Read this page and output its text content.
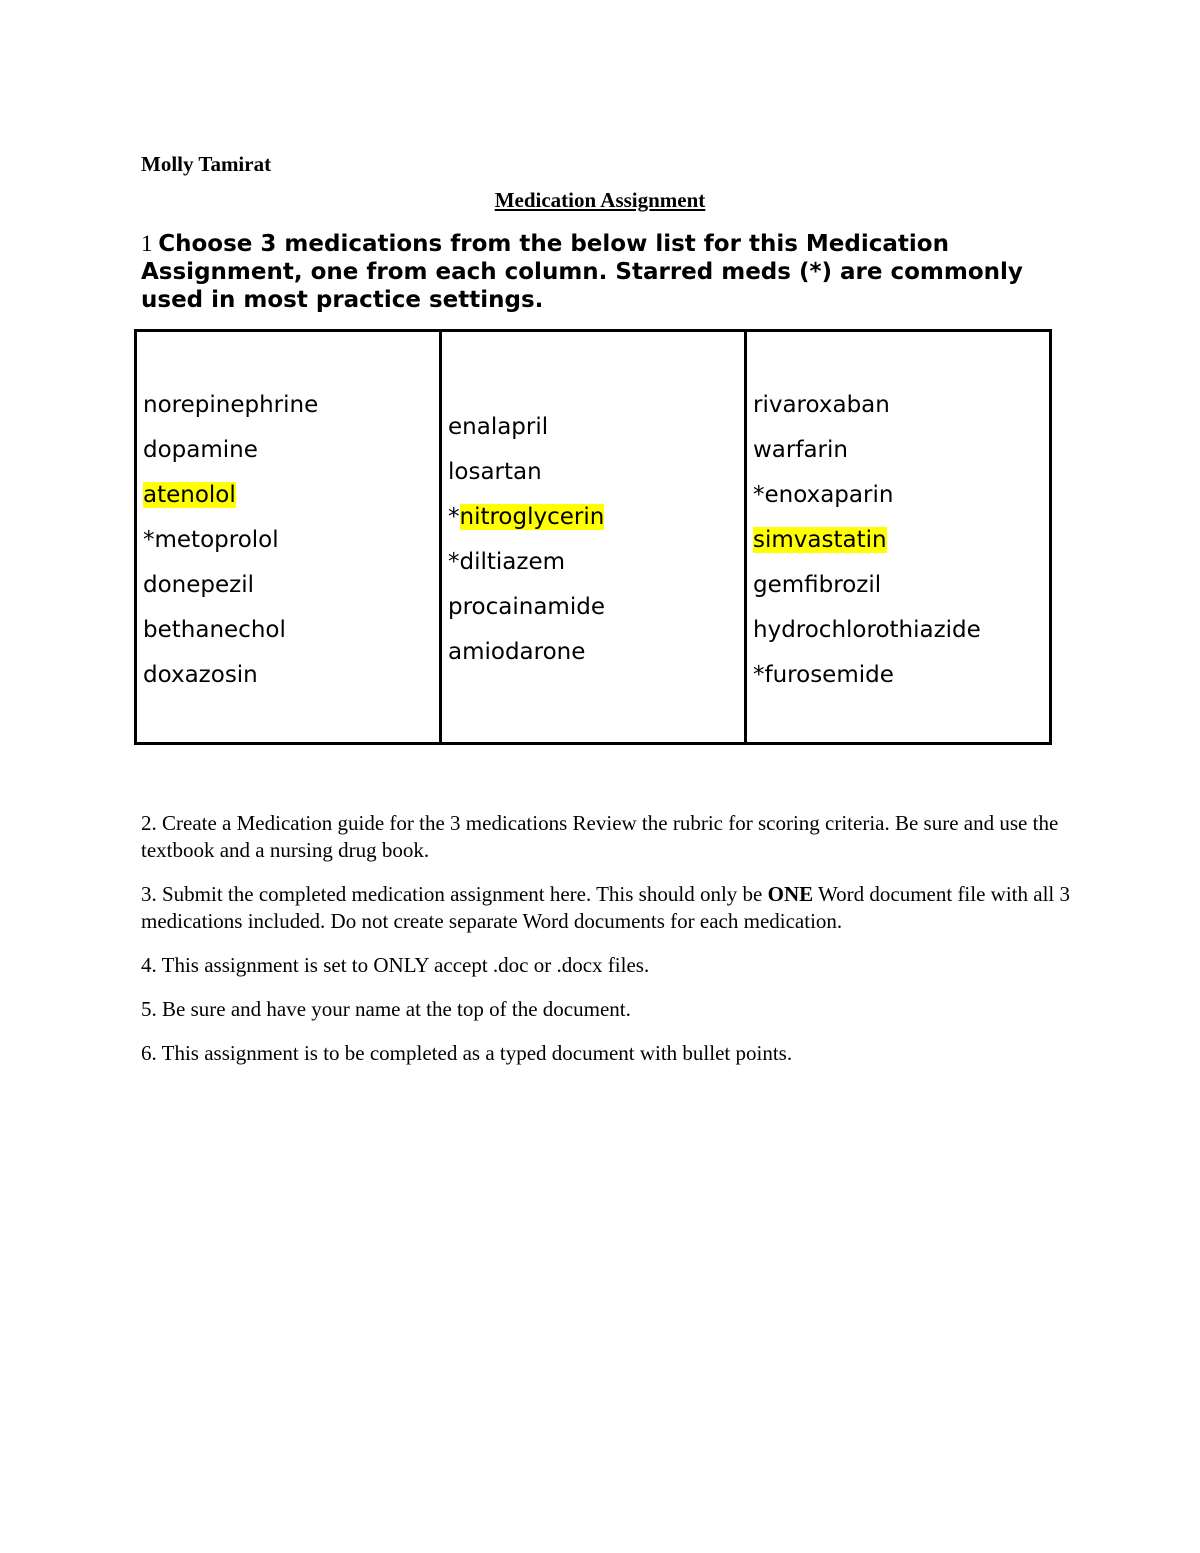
Molly Tamirat
Medication Assignment
1 Choose 3 medications from the below list for this Medication Assignment, one from each column. Starred meds (*) are commonly used in most practice settings.
norepinephrine
dopamine
atenolol
*metoprolol
donepezil
bethanechol
doxazosin
enalapril
losartan
*nitroglycerin
*diltiazem
procainamide
amiodarone
rivaroxaban
warfarin
*enoxaparin
simvastatin
gemfibrozil
hydrochlorothiazide
*furosemide

2. Create a Medication guide for the 3 medications Review the rubric for scoring criteria. Be sure and use the textbook and a nursing drug book.

3. Submit the completed medication assignment here. This should only be ONE Word document file with all 3 medications included. Do not create separate Word documents for each medication.

4. This assignment is set to ONLY accept .doc or .docx files.

5. Be sure and have your name at the top of the document.

6. This assignment is to be completed as a typed document with bullet points.
